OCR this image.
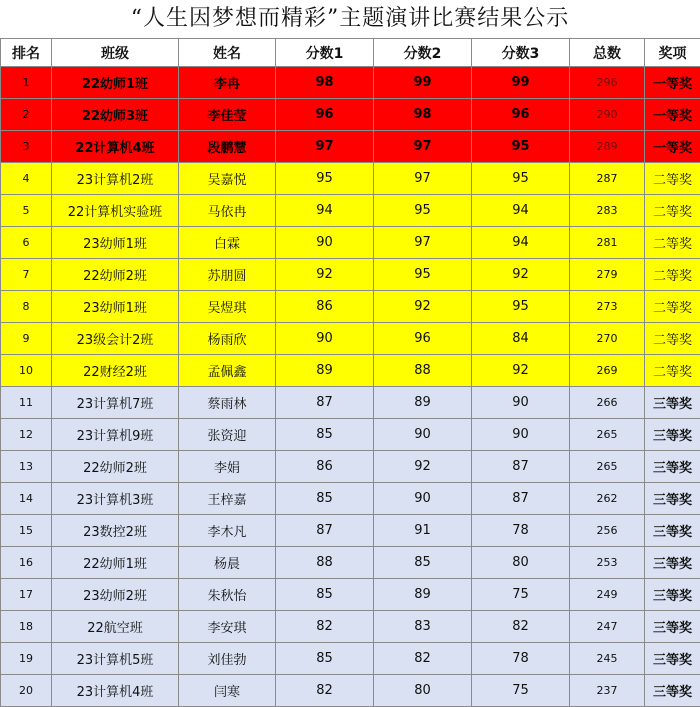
“人生因梦想而精彩”主题演讲比赛结果公示
排名	班级	姓名	分数1	分数2	分数3	总数	奖项
1	22幼师1班	李冉	98	99	99	296	一等奖
2	22幼师3班	李佳莹	96	98	96	290	一等奖
3	22计算机4班	段鹏慧	97	97	95	289	一等奖
4	23计算机2班	吴嘉悦	95	97	95	287	二等奖
5	22计算机实验班	马依冉	94	95	94	283	二等奖
6	23幼师1班	白霖	90	97	94	281	二等奖
7	22幼师2班	苏朋圆	92	95	92	279	二等奖
8	23幼师1班	吴煜琪	86	92	95	273	二等奖
9	23级会计2班	杨雨欣	90	96	84	270	二等奖
10	22财经2班	孟佩鑫	89	88	92	269	二等奖
11	23计算机7班	蔡雨林	87	89	90	266	三等奖
12	23计算机9班	张资迎	85	90	90	265	三等奖
13	22幼师2班	李娟	86	92	87	265	三等奖
14	23计算机3班	王梓嘉	85	90	87	262	三等奖
15	23数控2班	李木凡	87	91	78	256	三等奖
16	22幼师1班	杨晨	88	85	80	253	三等奖
17	23幼师2班	朱秋怡	85	89	75	249	三等奖
18	22航空班	李安琪	82	83	82	247	三等奖
19	23计算机5班	刘佳勃	85	82	78	245	三等奖
20	23计算机4班	闫寒	82	80	75	237	三等奖
